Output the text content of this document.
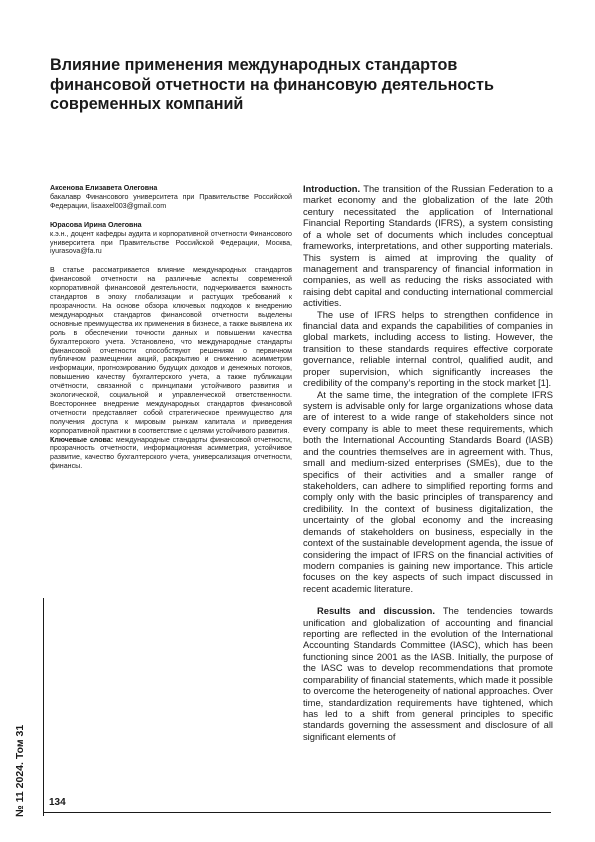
Влияние применения международных стандартов финансовой отчетности на финансовую деятельность современных компаний
Аксенова Елизавета Олеговна
бакалавр Финансового университета при Правительстве Российской Федерации, lisaaxel003@gmail.com
Юрасова Ирина Олеговна
к.э.н., доцент кафедры аудита и корпоративной отчетности Финансового университета при Правительстве Российской Федерации, Москва, iyurasova@fa.ru
В статье рассматривается влияние международных стандартов финансовой отчетности на различные аспекты современной корпоративной финансовой деятельности, подчеркивается важность стандартов в эпоху глобализации и растущих требований к прозрачности. На основе обзора ключевых подходов к внедрению международных стандартов финансовой отчетности выделены основные преимущества их применения в бизнесе, а также выявлена их роль в обеспечении точности данных и повышении качества бухгалтерского учета. Установлено, что международные стандарты финансовой отчетности способствуют решениям о первичном публичном размещении акций, раскрытию и снижению асимметрии информации, прогнозированию будущих доходов и денежных потоков, повышению качеству бухгалтерского учета, а также публикации отчётности, связанной с принципами устойчивого развития и экологической, социальной и управленческой ответственности. Всестороннее внедрение международных стандартов финансовой отчетности представляет собой стратегическое преимущество для получения доступа к мировым рынкам капитала и приведения корпоративной практики в соответствие с целями устойчивого развития.
Ключевые слова: международные стандарты финансовой отчетности, прозрачность отчетности, информационная асимметрия, устойчивое развитие, качество бухгалтерского учета, универсализация отчетности, финансы.

Introduction. The transition of the Russian Federation to a market economy and the globalization of the late 20th century necessitated the application of International Financial Reporting Standards (IFRS), a system consisting of a whole set of documents which includes conceptual frameworks, interpretations, and other supporting materials. This system is aimed at improving the quality of management and transparency of financial information in companies, as well as reducing the risks associated with raising debt capital and conducting international commercial activities.

The use of IFRS helps to strengthen confidence in financial data and expands the capabilities of companies in global markets, including access to listing. However, the transition to these standards requires effective corporate governance, reliable internal control, qualified audit, and proper supervision, which significantly increases the credibility of the company’s reporting in the stock market [1].

At the same time, the integration of the complete IFRS system is advisable only for large organizations whose data are of interest to a wide range of stakeholders since not every company is able to meet these requirements, which both the International Accounting Standards Board (IASB) and the countries themselves are in agreement with. Thus, small and medium-sized enterprises (SMEs), due to the specifics of their activities and a smaller range of stakeholders, can adhere to simplified reporting forms and comply only with the basic principles of transparency and credibility. In the context of business digitalization, the uncertainty of the global economy and the increasing demands of stakeholders on business, especially in the context of the sustainable development agenda, the issue of considering the impact of IFRS on the financial activities of modern companies is gaining new importance. This article focuses on the key aspects of such impact discussed in recent academic literature.

Results and discussion. The tendencies towards unification and globalization of accounting and financial reporting are reflected in the evolution of the International Accounting Standards Committee (IASC), which has been functioning since 2001 as the IASB. Initially, the purpose of the IASC was to develop recommendations that promote comparability of financial statements, which made it possible to overcome the heterogeneity of national approaches. Over time, standardization requirements have tightened, which has led to a shift from general principles to specific standards governing the assessment and disclosure of all significant elements of

№ 11 2024. Том 31 134
